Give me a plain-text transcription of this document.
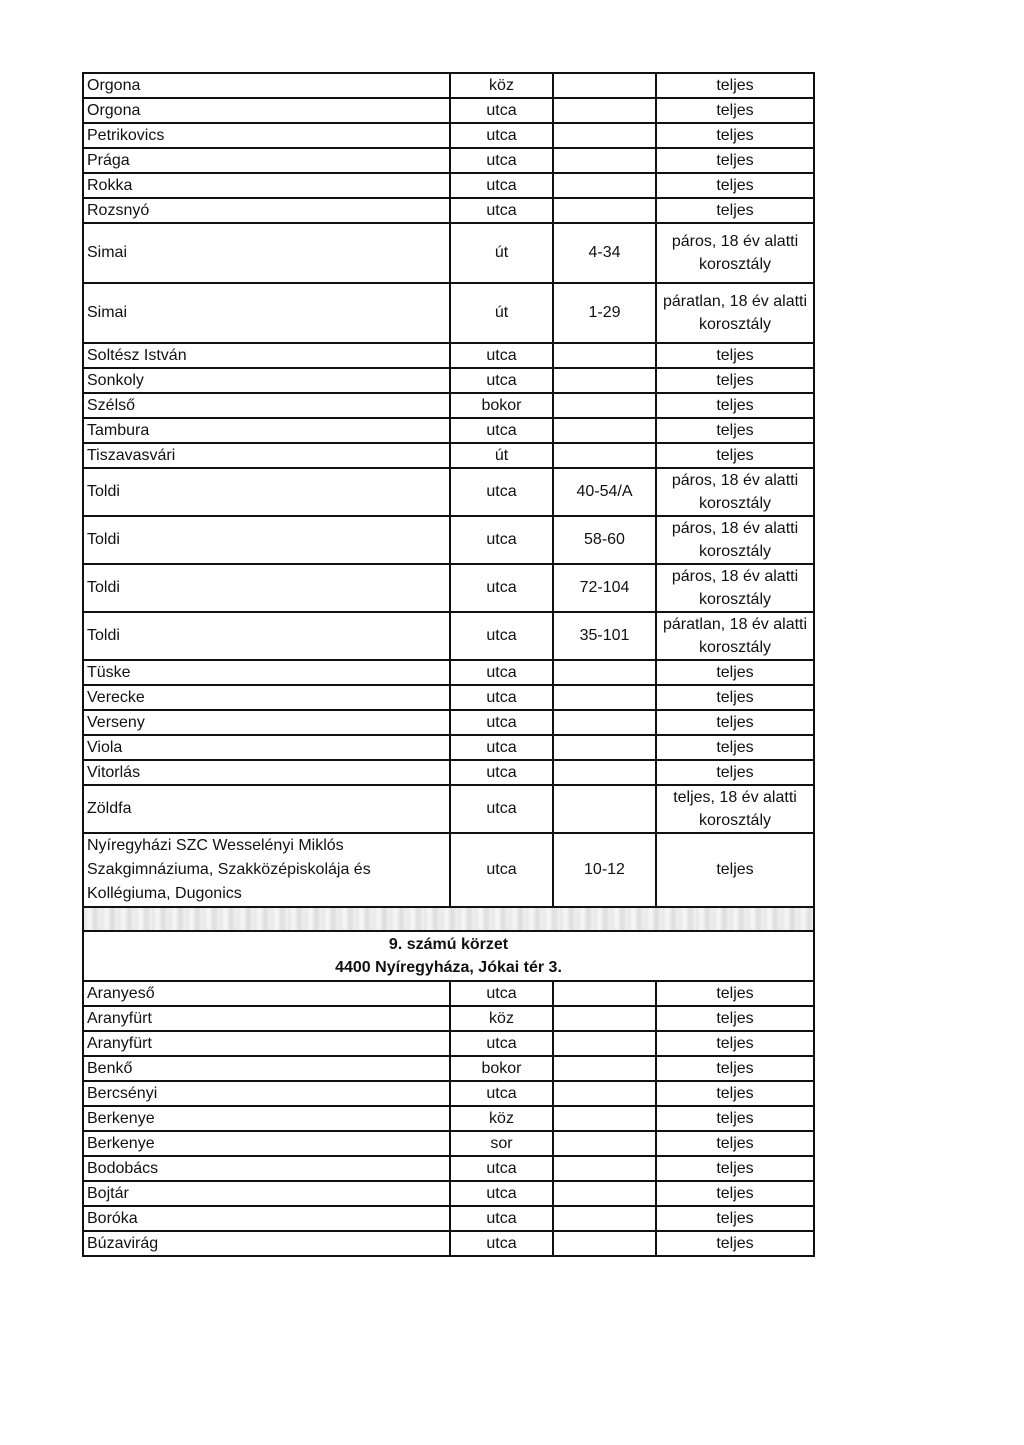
Orgona	köz		teljes
Orgona	utca		teljes
Petrikovics	utca		teljes
Prága	utca		teljes
Rokka	utca		teljes
Rozsnyó	utca		teljes
Simai	út	4-34	páros, 18 év alatti korosztály
Simai	út	1-29	páratlan, 18 év alatti korosztály
Soltész István	utca		teljes
Sonkoly	utca		teljes
Szélső	bokor		teljes
Tambura	utca		teljes
Tiszavasvári	út		teljes
Toldi	utca	40-54/A	páros, 18 év alatti korosztály
Toldi	utca	58-60	páros, 18 év alatti korosztály
Toldi	utca	72-104	páros, 18 év alatti korosztály
Toldi	utca	35-101	páratlan, 18 év alatti korosztály
Tüske	utca		teljes
Verecke	utca		teljes
Verseny	utca		teljes
Viola	utca		teljes
Vitorlás	utca		teljes
Zöldfa	utca		teljes, 18 év alatti korosztály
Nyíregyházi SZC Wesselényi Miklós Szakgimnáziuma, Szakközépiskolája és Kollégiuma, Dugonics	utca	10-12	teljes

9. számú körzet
4400 Nyíregyháza, Jókai tér 3.			

Aranyeső	utca		teljes
Aranyfürt	köz		teljes
Aranyfürt	utca		teljes
Benkő	bokor		teljes
Bercsényi	utca		teljes
Berkenye	köz		teljes
Berkenye	sor		teljes
Bodobács	utca		teljes
Bojtár	utca		teljes
Boróka	utca		teljes
Búzavirág	utca		teljes
